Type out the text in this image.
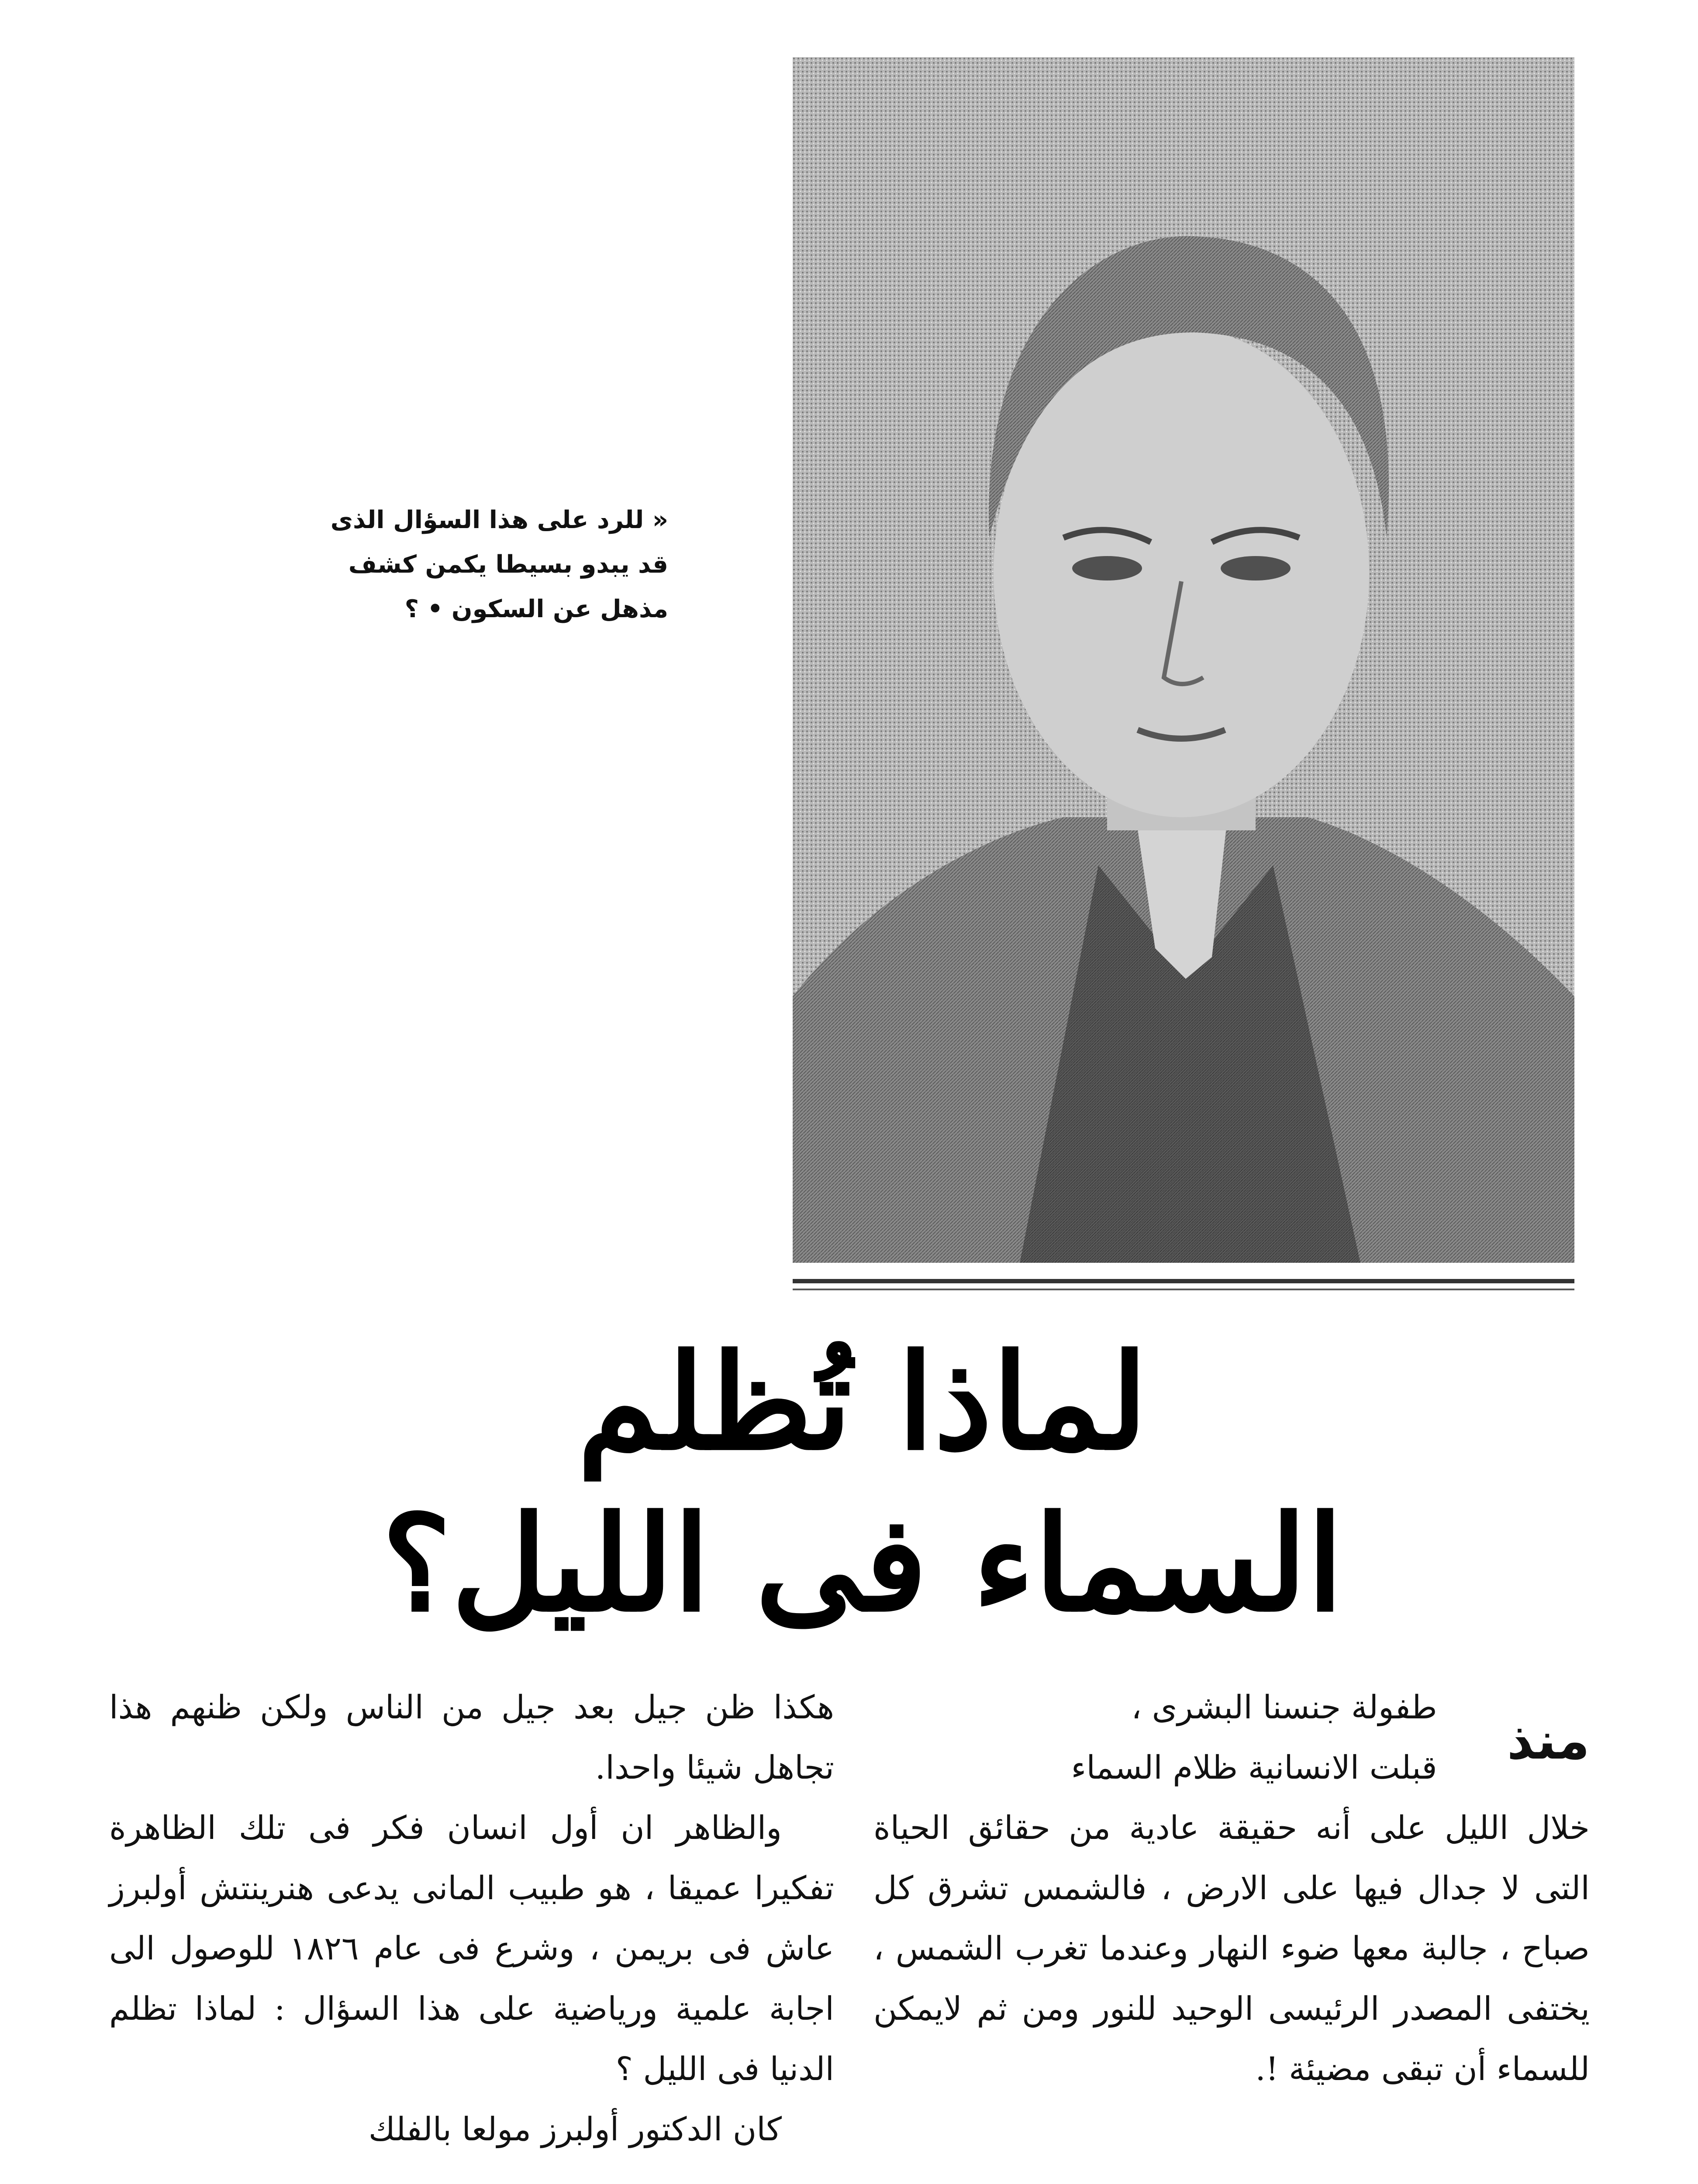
« للرد على هذا السؤال الذى

قد يبدو بسيطا يكمن كشف

مذهل عن السكون • ؟

لماذا تُظلم
السماء فى الليل؟
منذ

طفولة جنسنا البشرى ،

قبلت الانسانية ظلام السماء

خلال الليل على أنه حقيقة عادية من حقائق الحياة التى لا جدال فيها على الارض ، فالشمس تشرق كل صباح ، جالبة معها ضوء النهار وعندما تغرب الشمس ، يختفى المصدر الرئيسى الوحيد للنور ومن ثم لايمكن للسماء أن تبقى مضيئة !.

هكذا ظن جيل بعد جيل من الناس ولكن ظنهم هذا تجاهل شيئا واحدا.

والظاهر ان أول انسان فكر فى تلك الظاهرة تفكيرا عميقا ، هو طبيب المانى يدعى هنرينتش أولبرز عاش فى بريمن ، وشرع فى عام ١٨٢٦ للوصول الى اجابة علمية ورياضية على هذا السؤال : لماذا تظلم الدنيا فى الليل ؟

كان الدكتور أولبرز مولعا بالفلك
